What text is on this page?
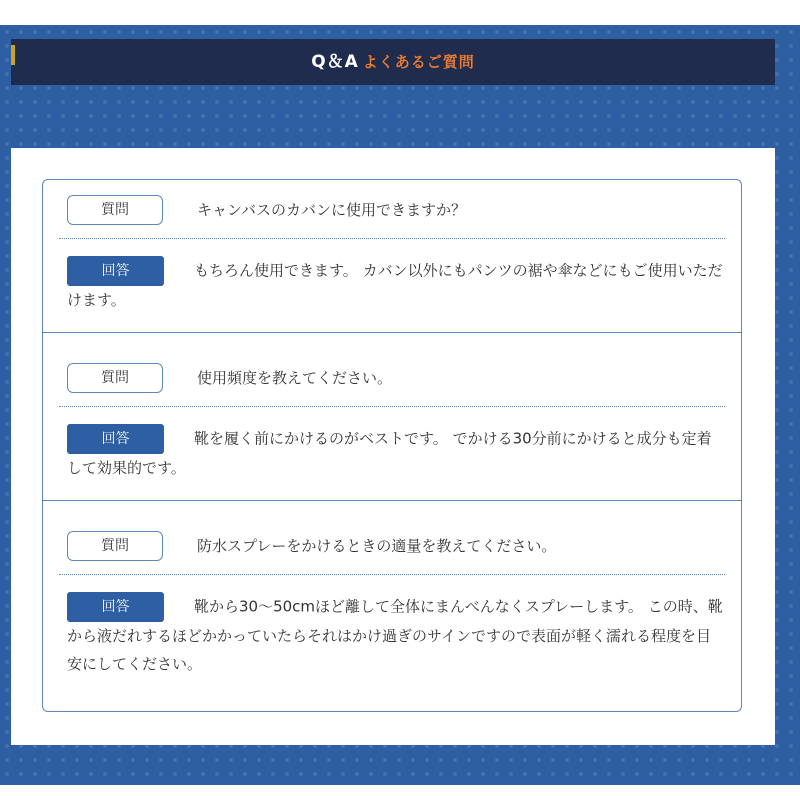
Q＆A よくあるご質問
質問	キャンバスのカバンに使用できますか？
回答	もちろん使用できます。 カバン以外にもパンツの裾や傘などにもご使用いただけます。
質問	使用頻度を教えてください。
回答	靴を履く前にかけるのがベストです。 でかける30分前にかけると成分も定着して効果的です。
質問	防水スプレーをかけるときの適量を教えてください。
回答	靴から30～50cmほど離して全体にまんべんなくスプレーします。 この時、靴から液だれするほどかかっていたらそれはかけ過ぎのサインですので表面が軽く濡れる程度を目安にしてください。
